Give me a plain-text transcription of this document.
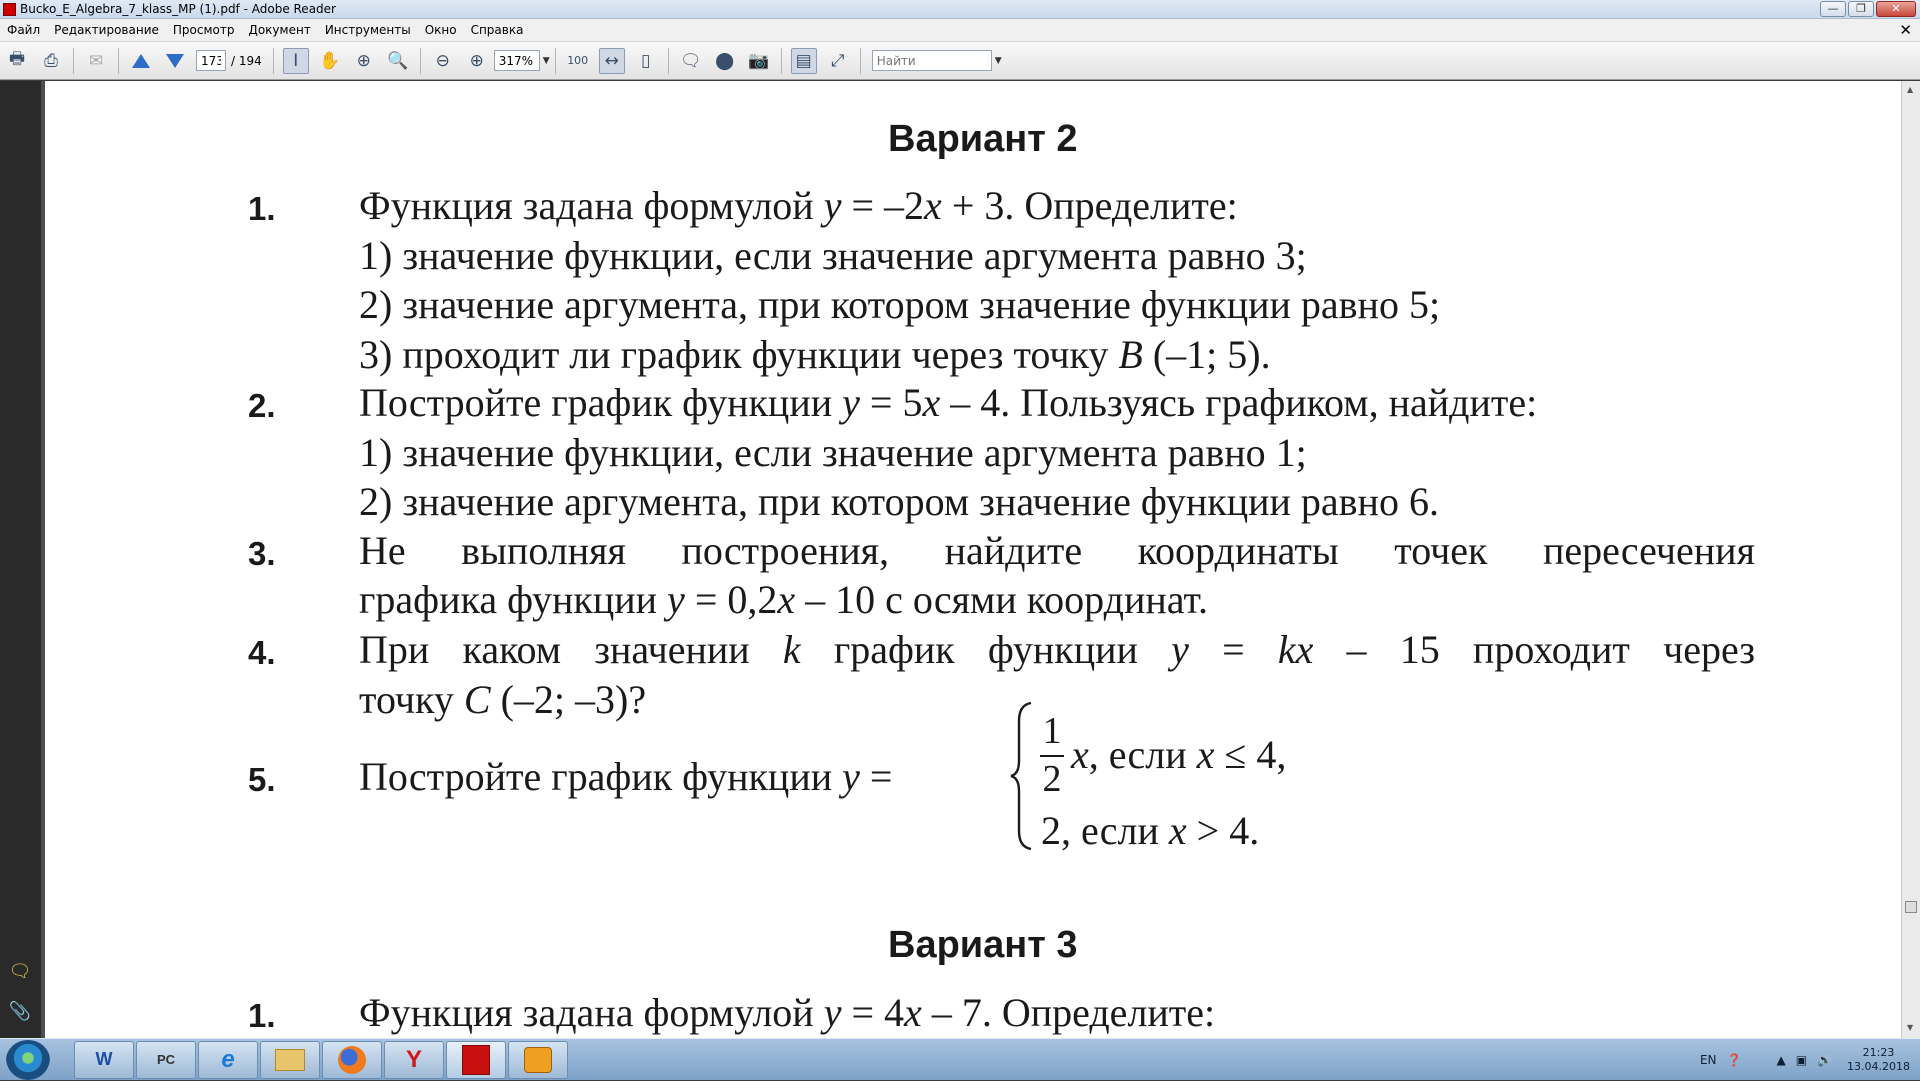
Bucko_E_Algebra_7_klass_MP (1).pdf - Adobe Reader	—	❐	✕
Файл	Редактирование	Просмотр	Документ	Инструменты	Окно	Справка	✕
🖶	⎙	✉
173	/ 194	I	✋ ⊕ 🔍	⊖	⊕
317%	▼ 100 ↔	▯	🗨 ⬤ 📷 ▤	⤢
Найти	▼
🗨
📎
Вариант 2
1. Функция задана формулой y = –2x + 3. Определите:
1) значение функции, если значение аргумента равно 3;
2) значение аргумента, при котором значение функции равно 5;
3) проходит ли график функции через точку B (–1; 5).
2. Постройте график функции y = 5x – 4. Пользуясь графиком, найдите:
1) значение функции, если значение аргумента равно 1;
2) значение аргумента, при котором значение функции равно 6.
3. Не выполняя построения, найдите координаты точек пересечения
графика функции y = 0,2x – 10 с осями координат.
4. При каком значении k график функции y = kx – 15 проходит через
точку C (–2; –3)?
5. Постройте график функции y =
1
2
x, если x ≤ 4,
2, если x > 4.
Вариант 3
1. Функция задана формулой y = 4x – 7. Определите:
▲
▼
W	PC	e	Y	EN ❓	▲ ▣ 🔊
21:23
13.04.2018
